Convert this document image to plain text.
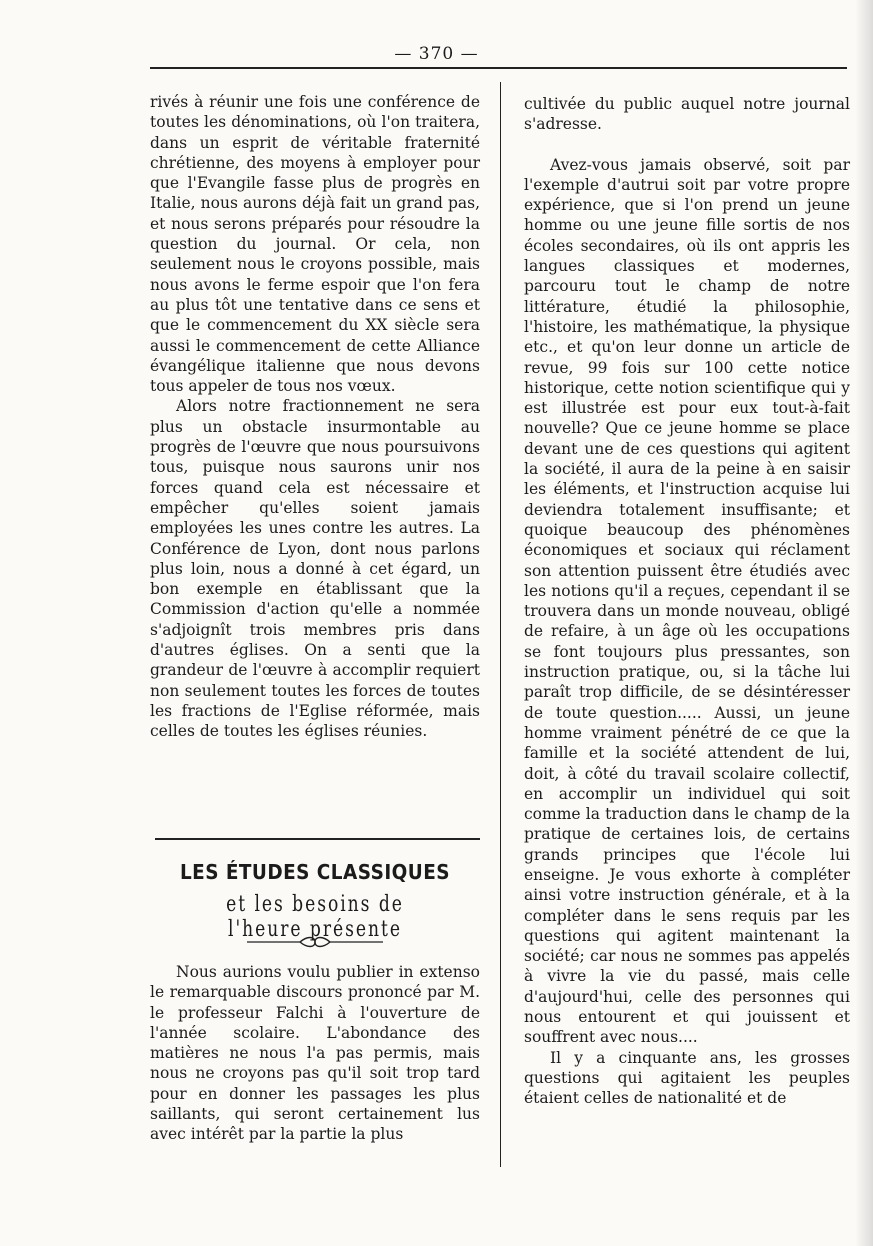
— 370 —

rivés à réunir une fois une conférence de toutes les dénominations, où l'on traitera, dans un esprit de véritable fraternité chrétienne, des moyens à employer pour que l'Evangile fasse plus de progrès en Italie, nous aurons déjà fait un grand pas, et nous serons préparés pour résoudre la question du journal. Or cela, non seulement nous le croyons possible, mais nous avons le ferme espoir que l'on fera au plus tôt une tentative dans ce sens et que le commencement du XX siècle sera aussi le commencement de cette Alliance évangélique italienne que nous devons tous appeler de tous nos vœux.

Alors notre fractionnement ne sera plus un obstacle insurmontable au progrès de l'œuvre que nous poursuivons tous, puisque nous saurons unir nos forces quand cela est nécessaire et empêcher qu'elles soient jamais employées les unes contre les autres. La Conférence de Lyon, dont nous parlons plus loin, nous a donné à cet égard, un bon exemple en établissant que la Commission d'action qu'elle a nommée s'adjoignît trois membres pris dans d'autres églises. On a senti que la grandeur de l'œuvre à accomplir requiert non seulement toutes les forces de toutes les fractions de l'Eglise réformée, mais celles de toutes les églises réunies.

LES ÉTUDES CLASSIQUES
et les besoins de l'heure présente

Nous aurions voulu publier in extenso le remarquable discours prononcé par M. le professeur Falchi à l'ouverture de l'année scolaire. L'abondance des matières ne nous l'a pas permis, mais nous ne croyons pas qu'il soit trop tard pour en donner les passages les plus saillants, qui seront certainement lus avec intérêt par la partie la plus

cultivée du public auquel notre journal s'adresse.

Avez-vous jamais observé, soit par l'exemple d'autrui soit par votre propre expérience, que si l'on prend un jeune homme ou une jeune fille sortis de nos écoles secondaires, où ils ont appris les langues classiques et modernes, parcouru tout le champ de notre littérature, étudié la philosophie, l'histoire, les mathématique, la physique etc., et qu'on leur donne un article de revue, 99 fois sur 100 cette notice historique, cette notion scientifique qui y est illustrée est pour eux tout-à-fait nouvelle? Que ce jeune homme se place devant une de ces questions qui agitent la société, il aura de la peine à en saisir les éléments, et l'instruction acquise lui deviendra totalement insuffisante; et quoique beaucoup des phénomènes économiques et sociaux qui réclament son attention puissent être étudiés avec les notions qu'il a reçues, cependant il se trouvera dans un monde nouveau, obligé de refaire, à un âge où les occupations se font toujours plus pressantes, son instruction pratique, ou, si la tâche lui paraît trop difficile, de se désintéresser de toute question..... Aussi, un jeune homme vraiment pénétré de ce que la famille et la société attendent de lui, doit, à côté du travail scolaire collectif, en accomplir un individuel qui soit comme la traduction dans le champ de la pratique de certaines lois, de certains grands principes que l'école lui enseigne. Je vous exhorte à compléter ainsi votre instruction générale, et à la compléter dans le sens requis par les questions qui agitent maintenant la société; car nous ne sommes pas appelés à vivre la vie du passé, mais celle d'aujourd'hui, celle des personnes qui nous entourent et qui jouissent et souffrent avec nous....

Il y a cinquante ans, les grosses questions qui agitaient les peuples étaient celles de nationalité et de
